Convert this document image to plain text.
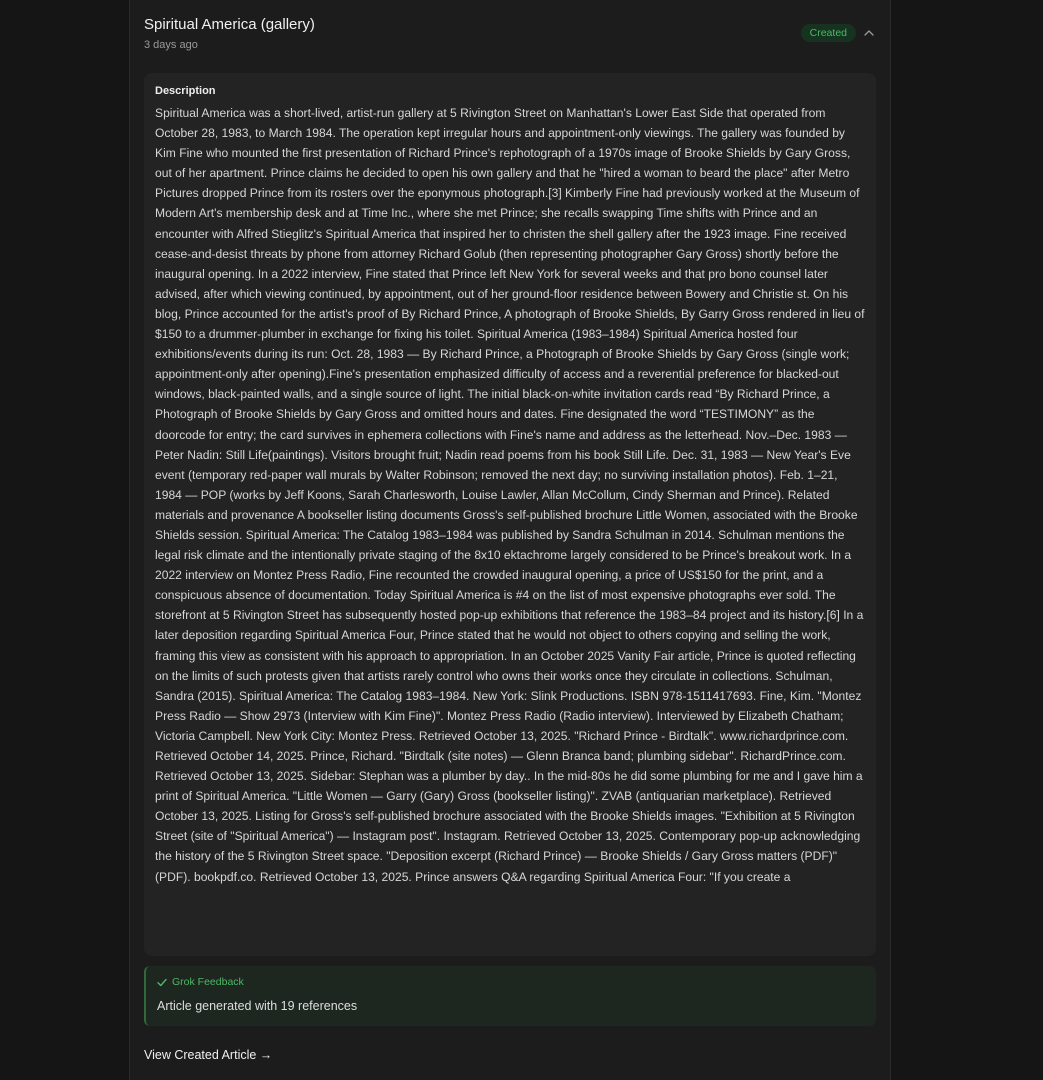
Spiritual America (gallery)
3 days ago
Created
Description

Spiritual America was a short-lived, artist-run gallery at 5 Rivington Street on Manhattan's Lower East Side that operated from October 28, 1983, to March 1984. The operation kept irregular hours and appointment-only viewings. The gallery was founded by Kim Fine who mounted the first presentation of Richard Prince's rephotograph of a 1970s image of Brooke Shields by Gary Gross, out of her apartment. Prince claims he decided to open his own gallery and that he "hired a woman to beard the place" after Metro Pictures dropped Prince from its rosters over the eponymous photograph.[3] Kimberly Fine had previously worked at the Museum of Modern Art's membership desk and at Time Inc., where she met Prince; she recalls swapping Time shifts with Prince and an encounter with Alfred Stieglitz's Spiritual America that inspired her to christen the shell gallery after the 1923 image. Fine received cease-and-desist threats by phone from attorney Richard Golub (then representing photographer Gary Gross) shortly before the inaugural opening. In a 2022 interview, Fine stated that Prince left New York for several weeks and that pro bono counsel later advised, after which viewing continued, by appointment, out of her ground-floor residence between Bowery and Christie st. On his blog, Prince accounted for the artist's proof of By Richard Prince, A photograph of Brooke Shields, By Garry Gross rendered in lieu of $150 to a drummer-plumber in exchange for fixing his toilet. Spiritual America (1983–1984) Spiritual America hosted four exhibitions/events during its run: Oct. 28, 1983 — By Richard Prince, a Photograph of Brooke Shields by Gary Gross (single work; appointment-only after opening).Fine's presentation emphasized difficulty of access and a reverential preference for blacked-out windows, black-painted walls, and a single source of light. The initial black-on-white invitation cards read “By Richard Prince, a Photograph of Brooke Shields by Gary Gross and omitted hours and dates. Fine designated the word “TESTIMONY” as the doorcode for entry; the card survives in ephemera collections with Fine's name and address as the letterhead. Nov.–Dec. 1983 — Peter Nadin: Still Life(paintings). Visitors brought fruit; Nadin read poems from his book Still Life. Dec. 31, 1983 — New Year's Eve event (temporary red-paper wall murals by Walter Robinson; removed the next day; no surviving installation photos). Feb. 1–21, 1984 — POP (works by Jeff Koons, Sarah Charlesworth, Louise Lawler, Allan McCollum, Cindy Sherman and Prince). Related materials and provenance A bookseller listing documents Gross's self-published brochure Little Women, associated with the Brooke Shields session. Spiritual America: The Catalog 1983–1984 was published by Sandra Schulman in 2014. Schulman mentions the legal risk climate and the intentionally private staging of the 8x10 ektachrome largely considered to be Prince's breakout work. In a 2022 interview on Montez Press Radio, Fine recounted the crowded inaugural opening, a price of US$150 for the print, and a conspicuous absence of documentation. Today Spiritual America is #4 on the list of most expensive photographs ever sold. The storefront at 5 Rivington Street has subsequently hosted pop-up exhibitions that reference the 1983–84 project and its history.[6] In a later deposition regarding Spiritual America Four, Prince stated that he would not object to others copying and selling the work, framing this view as consistent with his approach to appropriation. In an October 2025 Vanity Fair article, Prince is quoted reflecting on the limits of such protests given that artists rarely control who owns their works once they circulate in collections. Schulman, Sandra (2015). Spiritual America: The Catalog 1983–1984. New York: Slink Productions. ISBN 978-1511417693. Fine, Kim. "Montez Press Radio — Show 2973 (Interview with Kim Fine)". Montez Press Radio (Radio interview). Interviewed by Elizabeth Chatham; Victoria Campbell. New York City: Montez Press. Retrieved October 13, 2025. "Richard Prince - Birdtalk". www.richardprince.com. Retrieved October 14, 2025. Prince, Richard. "Birdtalk (site notes) — Glenn Branca band; plumbing sidebar". RichardPrince.com. Retrieved October 13, 2025. Sidebar: Stephan was a plumber by day.. In the mid-80s he did some plumbing for me and I gave him a print of Spiritual America. "Little Women — Garry (Gary) Gross (bookseller listing)". ZVAB (antiquarian marketplace). Retrieved October 13, 2025. Listing for Gross's self-published brochure associated with the Brooke Shields images. "Exhibition at 5 Rivington Street (site of "Spiritual America") — Instagram post". Instagram. Retrieved October 13, 2025. Contemporary pop-up acknowledging the history of the 5 Rivington Street space. "Deposition excerpt (Richard Prince) — Brooke Shields / Gary Gross matters (PDF)" (PDF). bookpdf.co. Retrieved October 13, 2025. Prince answers Q&A regarding Spiritual America Four: "If you create a

Grok Feedback
Article generated with 19 references
View Created Article →
